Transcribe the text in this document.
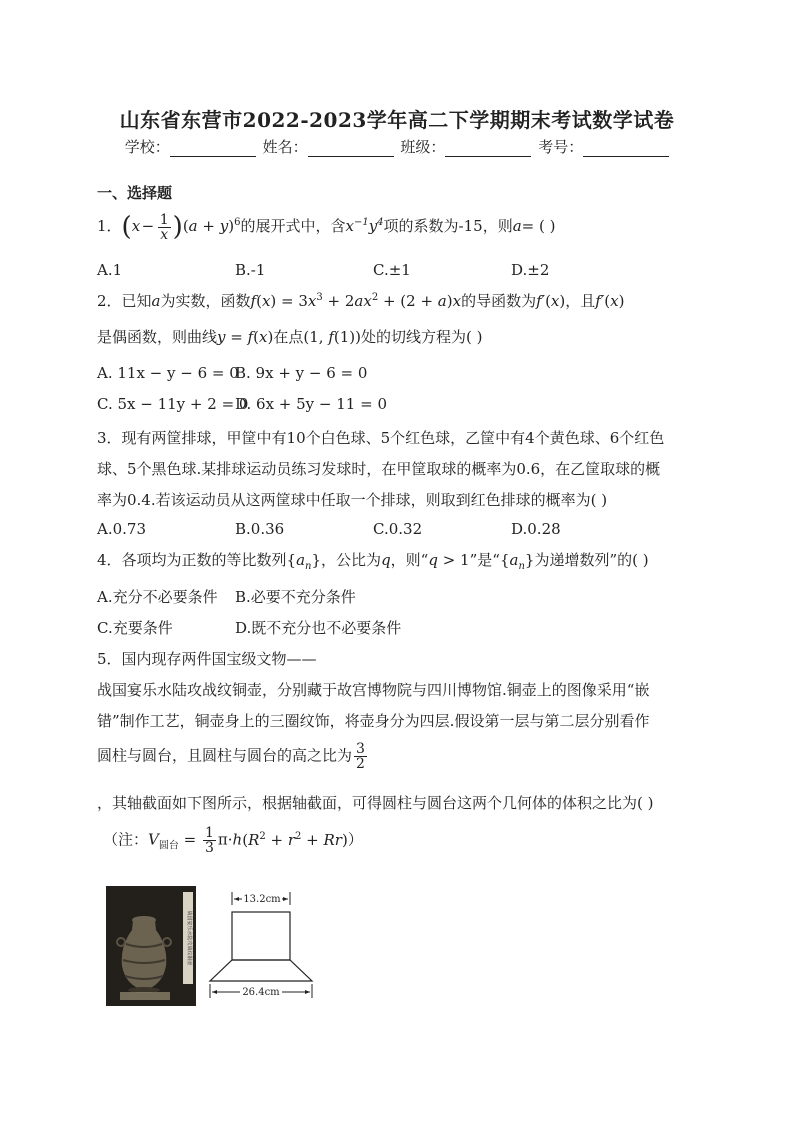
山东省东营市2022-2023学年高二下学期期末考试数学试卷
学校：	姓名：	班级：	考号：
一、选择题
1．(x −  $\frac{1}{x} )(a + y)^6$的展开式中，含$x^{-1}y^4$项的系数为-15，则a= ( )
A.1	B.-1	C.±1	D.±2
2．已知a为实数，函数$f(x) = 3x^3 + 2ax^2 + (2 + a)x$的导函数为f′(x)，且f′(x)
是偶函数，则曲线y = f(x)在点(1, f(1))处的切线方程为( )
A. 11x − y − 6 = 0
B. 9x + y − 6 = 0
C. 5x − 11y + 2 = 0
D. 6x + 5y − 11 = 0
3．现有两筐排球，甲筐中有10个白色球、5个红色球，乙筐中有4个黄色球、6个红色
球、5个黑色球.某排球运动员练习发球时，在甲筐取球的概率为0.6，在乙筐取球的概
率为0.4.若该运动员从这两筐球中任取一个排球，则取到红色排球的概率为( )
A.0.73	B.0.36	C.0.32	D.0.28
4．各项均为正数的等比数列$\{a_n\}$，公比为q，则“q > 1”是“$\{a_n\}$为递增数列”的( )
A.充分不必要条件 B.必要不充分条件
C.充要条件	D.既不充分也不必要条件
5．国内现存两件国宝级文物——
战国宴乐水陆攻战纹铜壶，分别藏于故宫博物院与四川博物馆.铜壶上的图像采用“嵌
错”制作工艺，铜壶身上的三圈纹饰，将壶身分为四层.假设第一层与第二层分别看作
圆柱与圆台，且圆柱与圆台的高之比为 $\frac{3}{2}$
，其轴截面如下图所示，根据轴截面，可得圆柱与圆台这两个几何体的体积之比为( )
（注：$V_{圆台} = \frac{1}{3} \pi\cdot h(R^2 + r^2 + Rr)$）
战国宴乐水陆攻战纹铜壶
13.2cm
26.4cm
